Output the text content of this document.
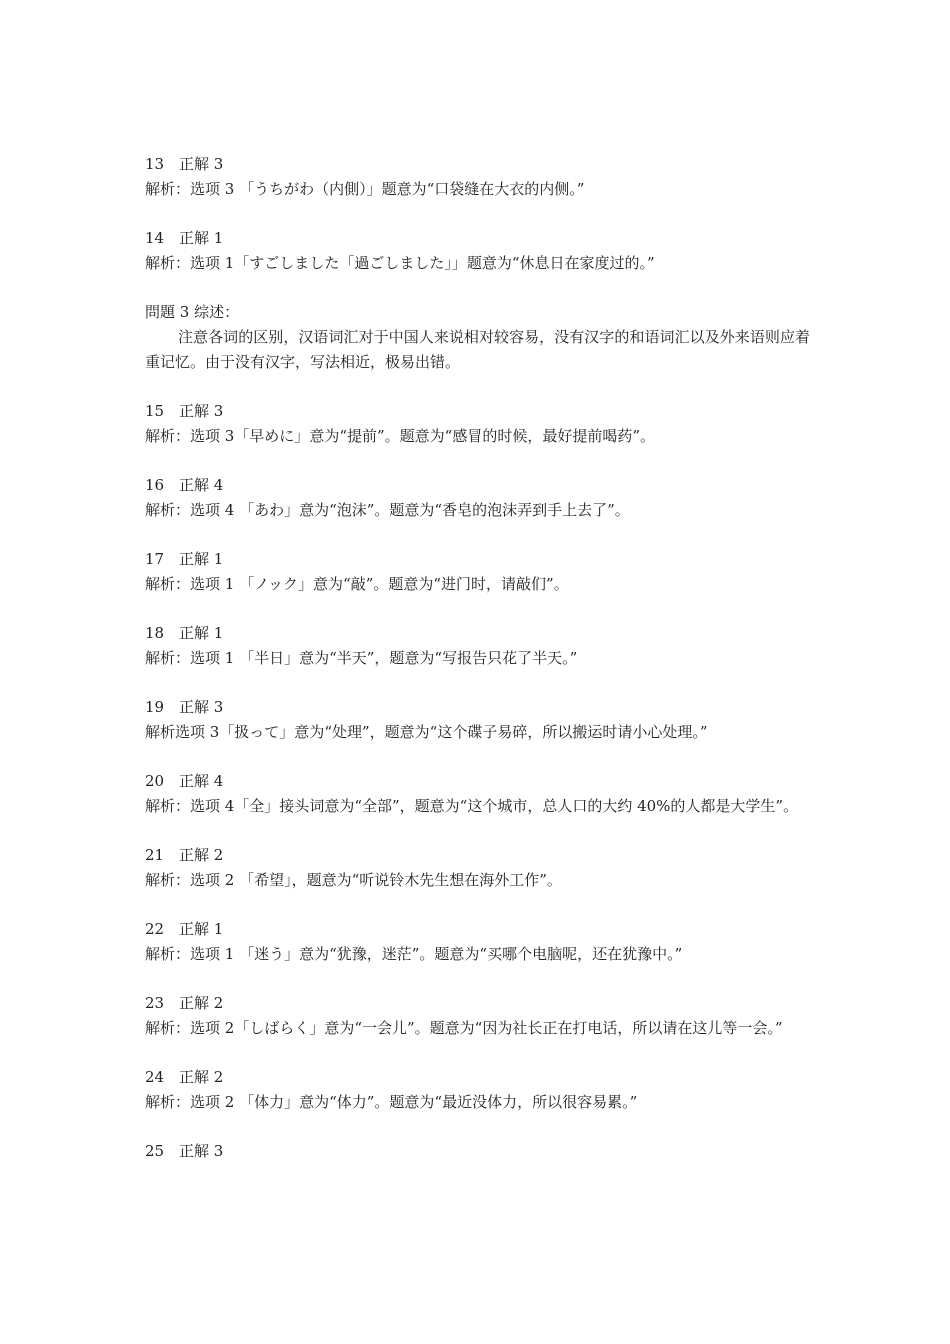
13 正解 3
解析：选项 3 「うちがわ（内側）」题意为“口袋缝在大衣的内侧。”
14 正解 1
解析：选项 1「すごしました「過ごしました」」题意为“休息日在家度过的。”
問題 3 综述：
注意各词的区别，汉语词汇对于中国人来说相对较容易，没有汉字的和语词汇以及外来语则应着重记忆。由于没有汉字，写法相近，极易出错。
15 正解 3
解析：选项 3「早めに」意为“提前”。题意为“感冒的时候，最好提前喝药”。
16 正解 4
解析：选项 4 「あわ」意为“泡沫”。题意为“香皂的泡沫弄到手上去了”。
17 正解 1
解析：选项 1 「ノック」意为“敲”。题意为“进门时，请敲们”。
18 正解 1
解析：选项 1 「半日」意为“半天”，题意为“写报告只花了半天。”
19 正解 3
解析选项 3「扱って」意为“处理”，题意为“这个碟子易碎，所以搬运时请小心处理。”
20 正解 4
解析：选项 4「全」接头词意为“全部”，题意为“这个城市，总人口的大约 40%的人都是大学生”。
21 正解 2
解析：选项 2 「希望」，题意为“听说铃木先生想在海外工作”。
22 正解 1
解析：选项 1 「迷う」意为“犹豫，迷茫”。题意为“买哪个电脑呢，还在犹豫中。”
23 正解 2
解析：选项 2「しばらく」意为“一会儿”。题意为“因为社长正在打电话，所以请在这儿等一会。”
24 正解 2
解析：选项 2 「体力」意为“体力”。题意为“最近没体力，所以很容易累。”
25 正解 3
